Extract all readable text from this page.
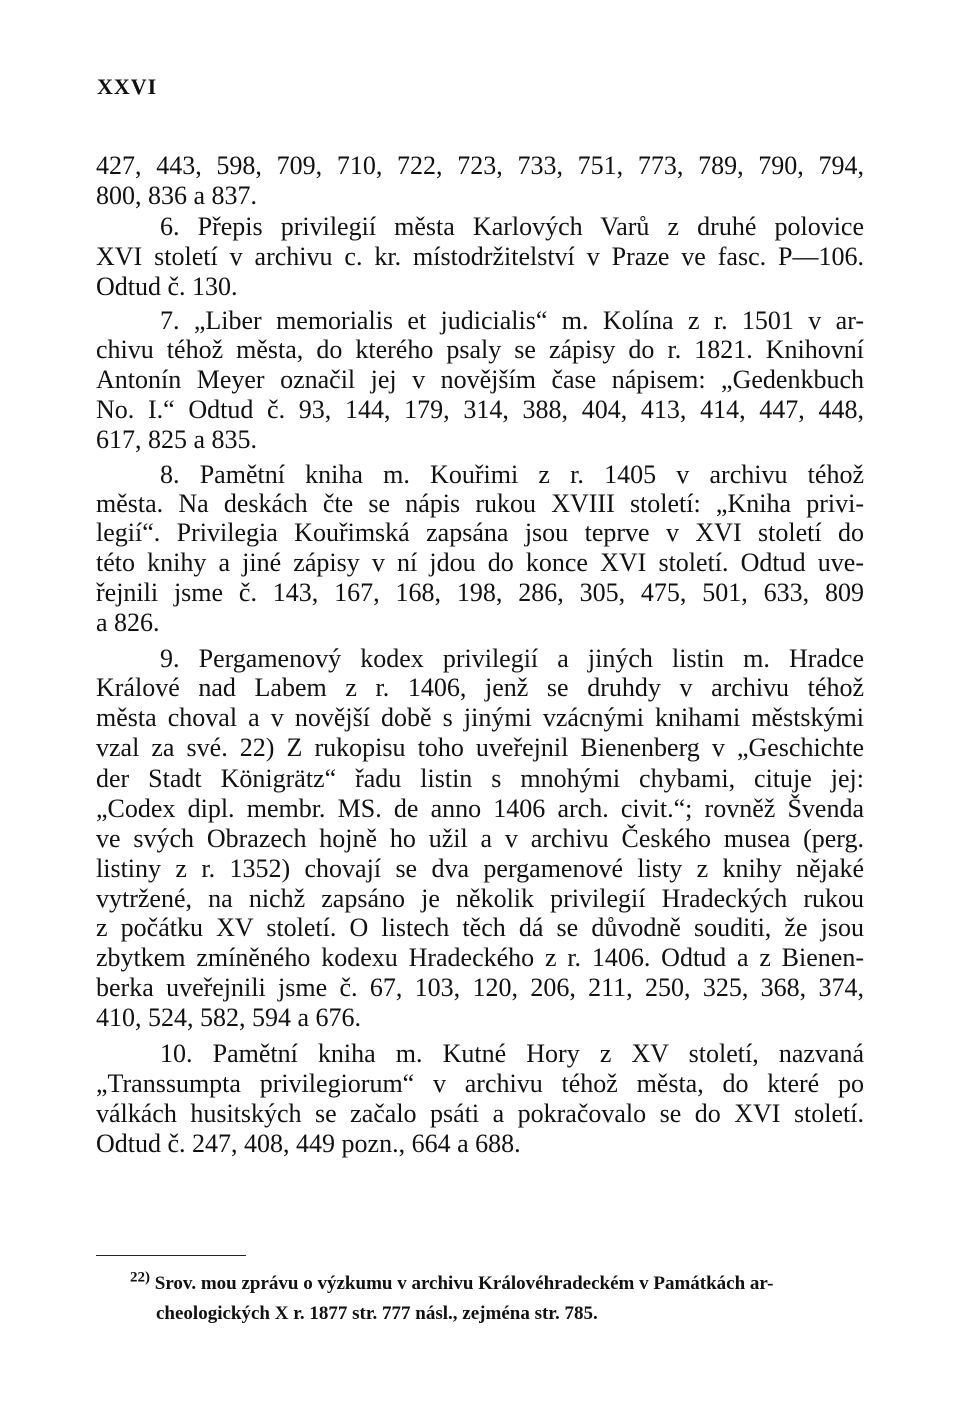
XXVI
427, 443, 598, 709, 710, 722, 723, 733, 751, 773, 789, 790, 794,
800, 836 a 837.
6. Přepis privilegií města Karlových Varů z druhé polovice
XVI století v archivu c. kr. místodržitelství v Praze ve fasc. P—106.
Odtud č. 130.
7. „Liber memorialis et judicialis“ m. Kolína z r. 1501 v ar-
chivu téhož města, do kterého psaly se zápisy do r. 1821. Knihovní
Antonín Meyer označil jej v novějším čase nápisem: „Gedenkbuch
No. I.“ Odtud č. 93, 144, 179, 314, 388, 404, 413, 414, 447, 448,
617, 825 a 835.
8. Pamětní kniha m. Kouřimi z r. 1405 v archivu téhož
města. Na deskách čte se nápis rukou XVIII století: „Kniha privi-
legií“. Privilegia Kouřimská zapsána jsou teprve v XVI století do
této knihy a jiné zápisy v ní jdou do konce XVI století. Odtud uve-
řejnili jsme č. 143, 167, 168, 198, 286, 305, 475, 501, 633, 809
a 826.
9. Pergamenový kodex privilegií a jiných listin m. Hradce
Králové nad Labem z r. 1406, jenž se druhdy v archivu téhož
města choval a v novější době s jinými vzácnými knihami městskými
vzal za své. 22) Z rukopisu toho uveřejnil Bienenberg v „Geschichte
der Stadt Königrätz“ řadu listin s mnohými chybami, cituje jej:
„Codex dipl. membr. MS. de anno 1406 arch. civit.“; rovněž Švenda
ve svých Obrazech hojně ho užil a v archivu Českého musea (perg.
listiny z r. 1352) chovají se dva pergamenové listy z knihy nějaké
vytržené, na nichž zapsáno je několik privilegií Hradeckých rukou
z počátku XV století. O listech těch dá se důvodně souditi, že jsou
zbytkem zmíněného kodexu Hradeckého z r. 1406. Odtud a z Bienen-
berka uveřejnili jsme č. 67, 103, 120, 206, 211, 250, 325, 368, 374,
410, 524, 582, 594 a 676.
10. Pamětní kniha m. Kutné Hory z XV století, nazvaná
„Transsumpta privilegiorum“ v archivu téhož města, do které po
válkách husitských se začalo psáti a pokračovalo se do XVI století.
Odtud č. 247, 408, 449 pozn., 664 a 688.
$^{22)}$ Srov. mou zprávu o výzkumu v archivu Královéhradeckém v Památkách ar-
cheologických X r. 1877 str. 777 násl., zejména str. 785.
